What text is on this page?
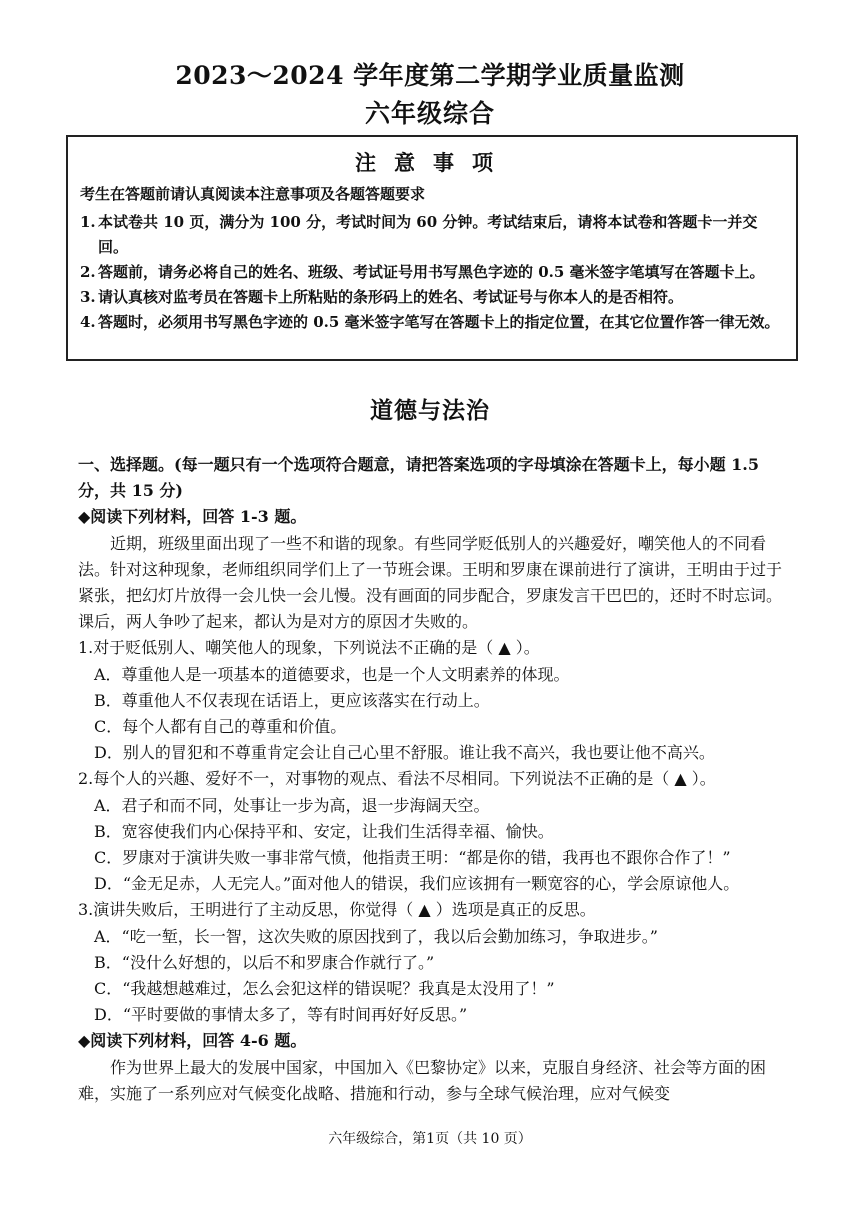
2023～2024 学年度第二学期学业质量监测
六年级综合
注意事项
考生在答题前请认真阅读本注意事项及各题答题要求
1. 本试卷共 10 页，满分为 100 分，考试时间为 60 分钟。考试结束后，请将本试卷和答题卡一并交回。
2. 答题前，请务必将自己的姓名、班级、考试证号用书写黑色字迹的 0.5 毫米签字笔填写在答题卡上。
3. 请认真核对监考员在答题卡上所粘贴的条形码上的姓名、考试证号与你本人的是否相符。
4. 答题时，必须用书写黑色字迹的 0.5 毫米签字笔写在答题卡上的指定位置，在其它位置作答一律无效。
道德与法治
一、选择题。(每一题只有一个选项符合题意，请把答案选项的字母填涂在答题卡上，每小题 1.5 分，共 15 分)
◆阅读下列材料，回答 1-3 题。
近期，班级里面出现了一些不和谐的现象。有些同学贬低别人的兴趣爱好，嘲笑他人的不同看法。针对这种现象，老师组织同学们上了一节班会课。王明和罗康在课前进行了演讲，王明由于过于紧张，把幻灯片放得一会儿快一会儿慢。没有画面的同步配合，罗康发言干巴巴的，还时不时忘词。课后，两人争吵了起来，都认为是对方的原因才失败的。
1.对于贬低别人、嘲笑他人的现象，下列说法不正确的是（ ▲ ）。
A．尊重他人是一项基本的道德要求，也是一个人文明素养的体现。
B．尊重他人不仅表现在话语上，更应该落实在行动上。
C．每个人都有自己的尊重和价值。
D．别人的冒犯和不尊重肯定会让自己心里不舒服。谁让我不高兴，我也要让他不高兴。
2.每个人的兴趣、爱好不一，对事物的观点、看法不尽相同。下列说法不正确的是（ ▲ ）。
A．君子和而不同，处事让一步为高，退一步海阔天空。
B．宽容使我们内心保持平和、安定，让我们生活得幸福、愉快。
C．罗康对于演讲失败一事非常气愤，他指责王明：“都是你的错，我再也不跟你合作了！”
D．“金无足赤，人无完人。”面对他人的错误，我们应该拥有一颗宽容的心，学会原谅他人。
3.演讲失败后，王明进行了主动反思，你觉得（ ▲ ）选项是真正的反思。
A．“吃一堑，长一智，这次失败的原因找到了，我以后会勤加练习，争取进步。”
B．“没什么好想的，以后不和罗康合作就行了。”
C．“我越想越难过，怎么会犯这样的错误呢？我真是太没用了！”
D．“平时要做的事情太多了，等有时间再好好反思。”
◆阅读下列材料，回答 4-6 题。
作为世界上最大的发展中国家，中国加入《巴黎协定》以来，克服自身经济、社会等方面的困难，实施了一系列应对气候变化战略、措施和行动，参与全球气候治理，应对气候变
六年级综合，第1页（共 10 页）
